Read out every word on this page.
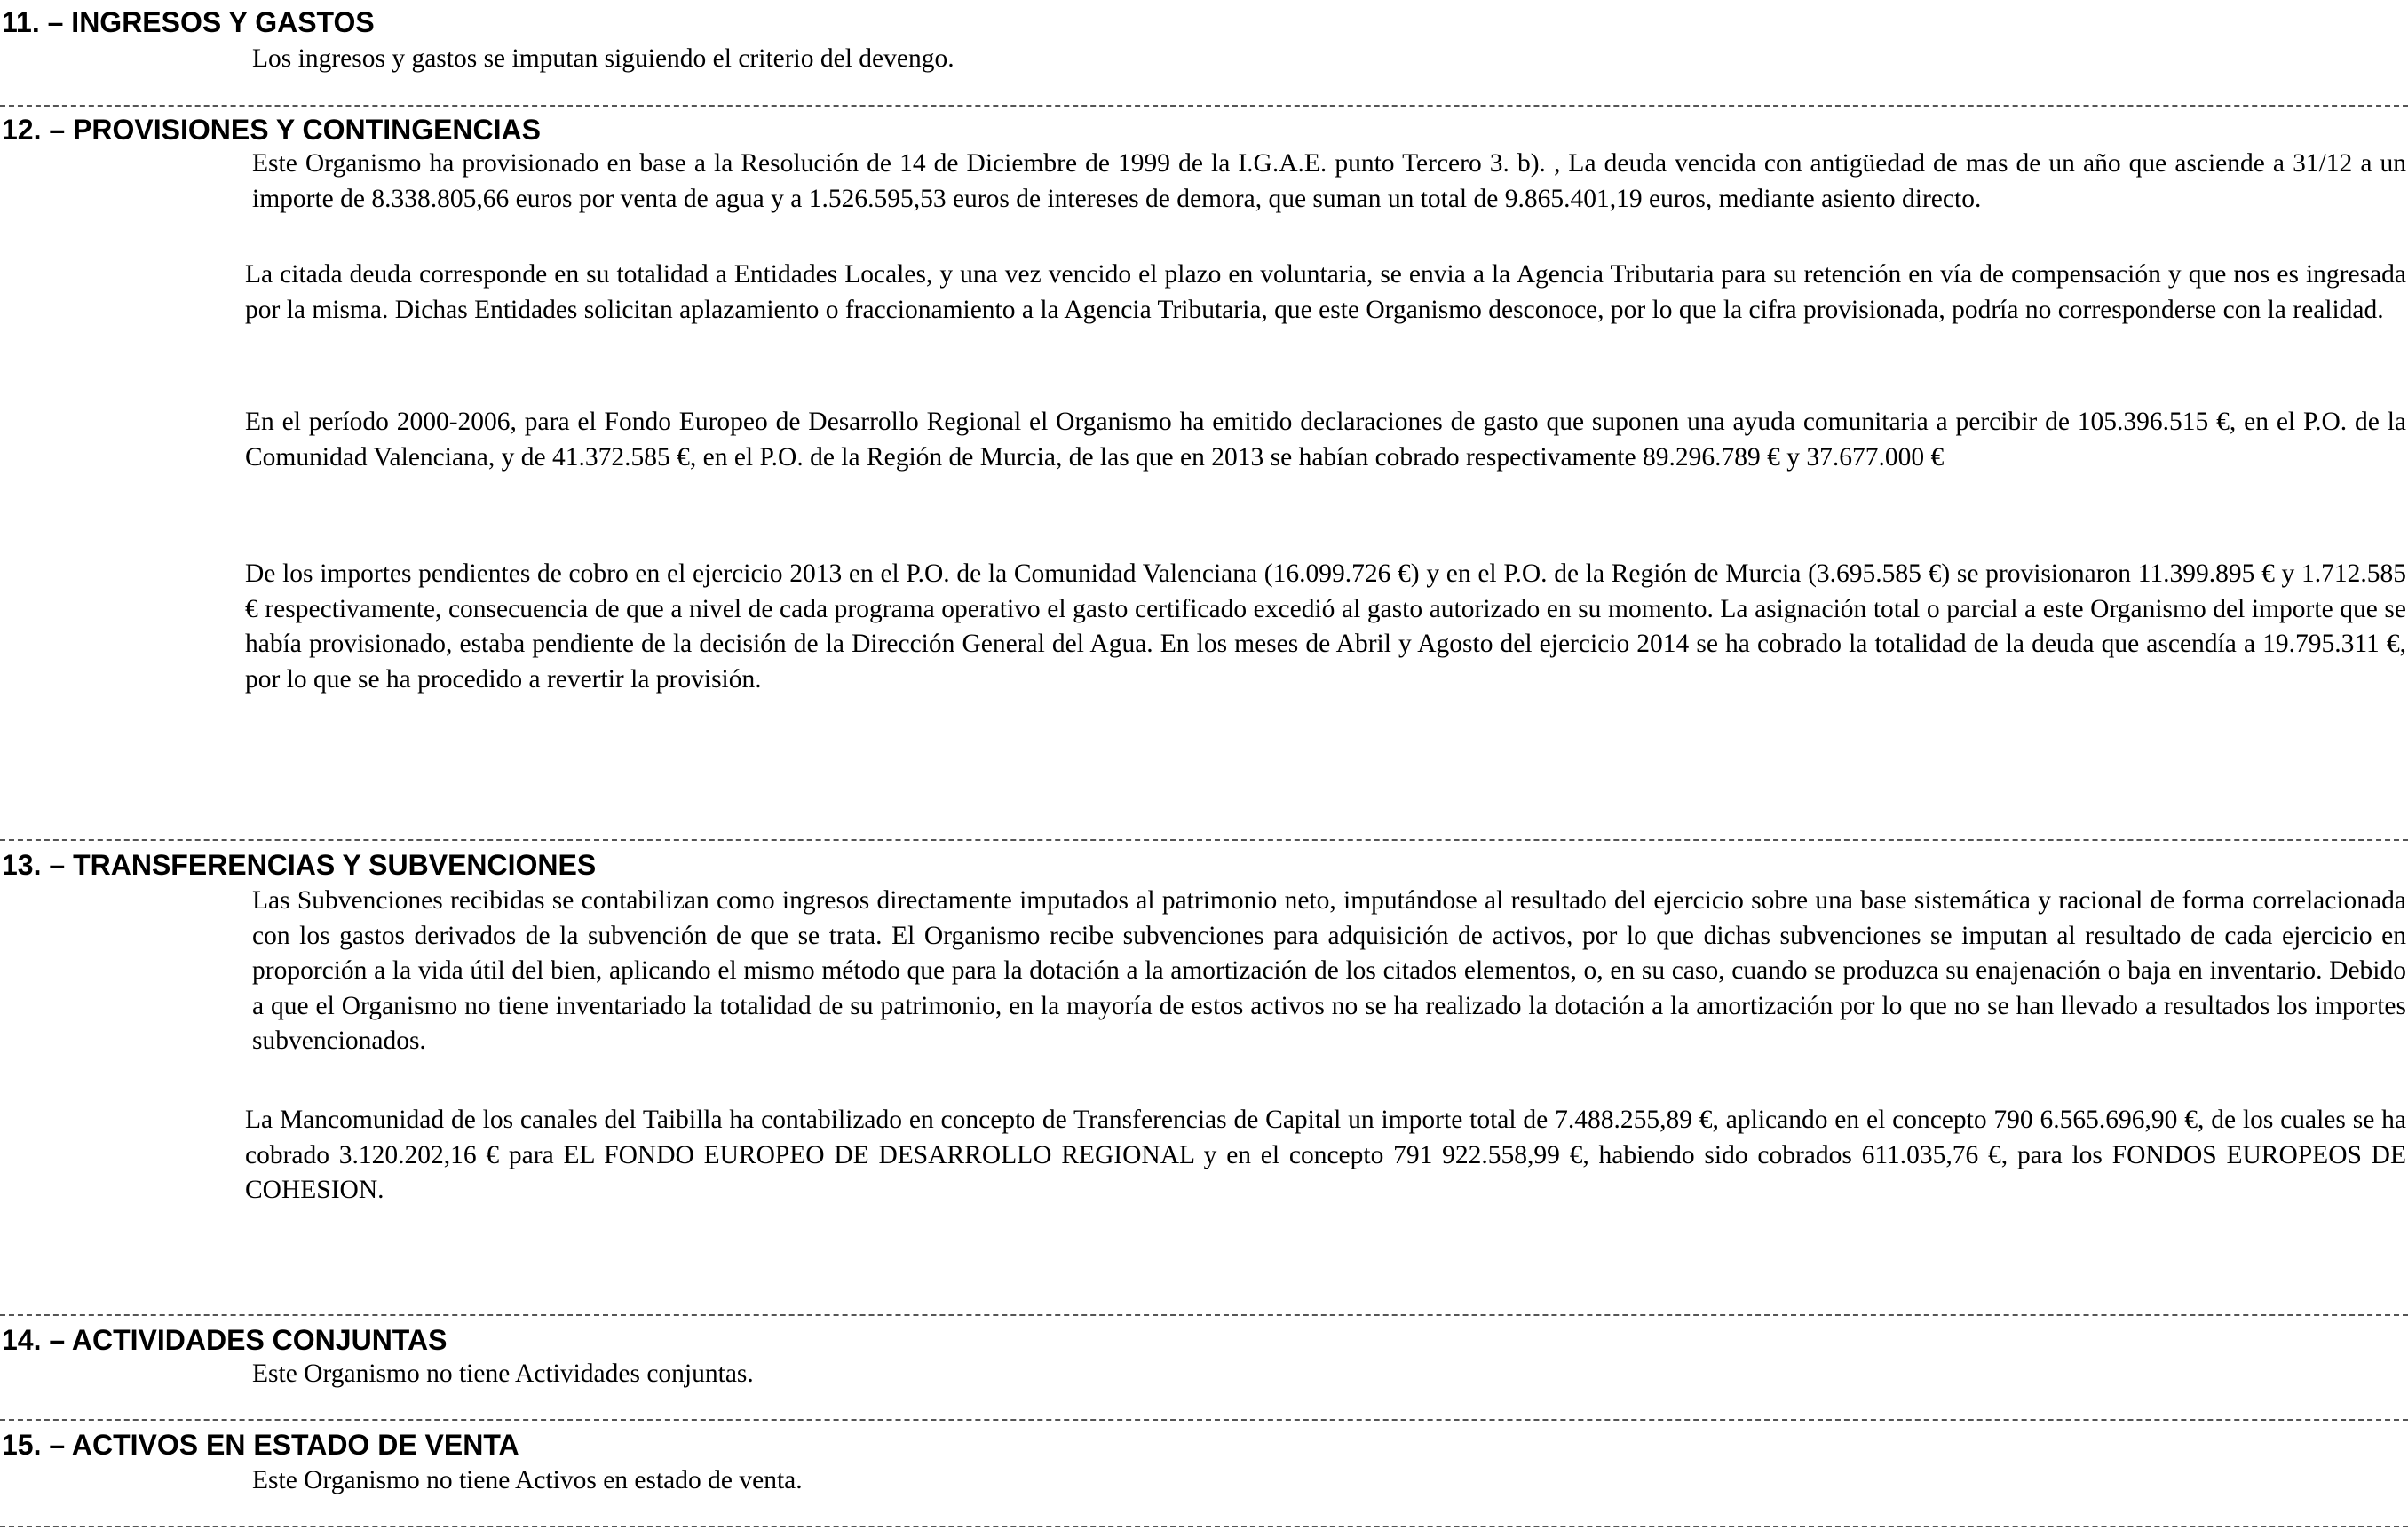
11. – INGRESOS Y GASTOS

Los ingresos y gastos se imputan siguiendo el criterio del devengo.

12. – PROVISIONES Y CONTINGENCIAS

Este Organismo ha provisionado en base a la Resolución de 14 de Diciembre de 1999 de la I.G.A.E. punto Tercero 3. b). , La deuda vencida con antigüedad de mas de un año que asciende a 31/12 a un importe de 8.338.805,66 euros por venta de agua y a 1.526.595,53 euros de intereses de demora, que suman un total de 9.865.401,19 euros, mediante asiento directo.

La citada deuda corresponde en su totalidad a Entidades Locales, y una vez vencido el plazo en voluntaria, se envia a la Agencia Tributaria para su retención en vía de compensación y que nos es ingresada por la misma. Dichas Entidades solicitan aplazamiento o fraccionamiento a la Agencia Tributaria, que este Organismo desconoce, por lo que la cifra provisionada, podría no corresponderse con la realidad.

En el período 2000-2006, para el Fondo Europeo de Desarrollo Regional el Organismo ha emitido declaraciones de gasto que suponen una ayuda comunitaria a percibir de 105.396.515 €, en el P.O. de la Comunidad Valenciana, y de 41.372.585 €, en el P.O. de la Región de Murcia, de las que en 2013 se habían cobrado respectivamente 89.296.789 € y 37.677.000 €

De los importes pendientes de cobro en el ejercicio 2013 en el P.O. de la Comunidad Valenciana (16.099.726 €) y en el P.O. de la Región de Murcia (3.695.585 €) se provisionaron 11.399.895 € y 1.712.585 € respectivamente, consecuencia de que a nivel de cada programa operativo el gasto certificado excedió al gasto autorizado en su momento. La asignación total o parcial a este Organismo del importe que se había provisionado, estaba pendiente de la decisión de la Dirección General del Agua. En los meses de Abril y Agosto del ejercicio 2014 se ha cobrado la totalidad de la deuda que ascendía a 19.795.311 €, por lo que se ha procedido a revertir la provisión.

13. – TRANSFERENCIAS Y SUBVENCIONES

Las Subvenciones recibidas se contabilizan como ingresos directamente imputados al patrimonio neto, imputándose al resultado del ejercicio sobre una base sistemática y racional de forma correlacionada con los gastos derivados de la subvención de que se trata. El Organismo recibe subvenciones para adquisición de activos, por lo que dichas subvenciones se imputan al resultado de cada ejercicio en proporción a la vida útil del bien, aplicando el mismo método que para la dotación a la amortización de los citados elementos, o, en su caso, cuando se produzca su enajenación o baja en inventario. Debido a que el Organismo no tiene inventariado la totalidad de su patrimonio, en la mayoría de estos activos no se ha realizado la dotación a la amortización por lo que no se han llevado a resultados los importes subvencionados.

La Mancomunidad de los canales del Taibilla ha contabilizado en concepto de Transferencias de Capital un importe total de 7.488.255,89 €, aplicando en el concepto 790 6.565.696,90 €, de los cuales se ha cobrado 3.120.202,16 € para EL FONDO EUROPEO DE DESARROLLO REGIONAL y en el concepto 791 922.558,99 €, habiendo sido cobrados 611.035,76 €, para los FONDOS EUROPEOS DE COHESION.

14. – ACTIVIDADES CONJUNTAS

Este Organismo no tiene Actividades conjuntas.

15. – ACTIVOS EN ESTADO DE VENTA

Este Organismo no tiene Activos en estado de venta.
